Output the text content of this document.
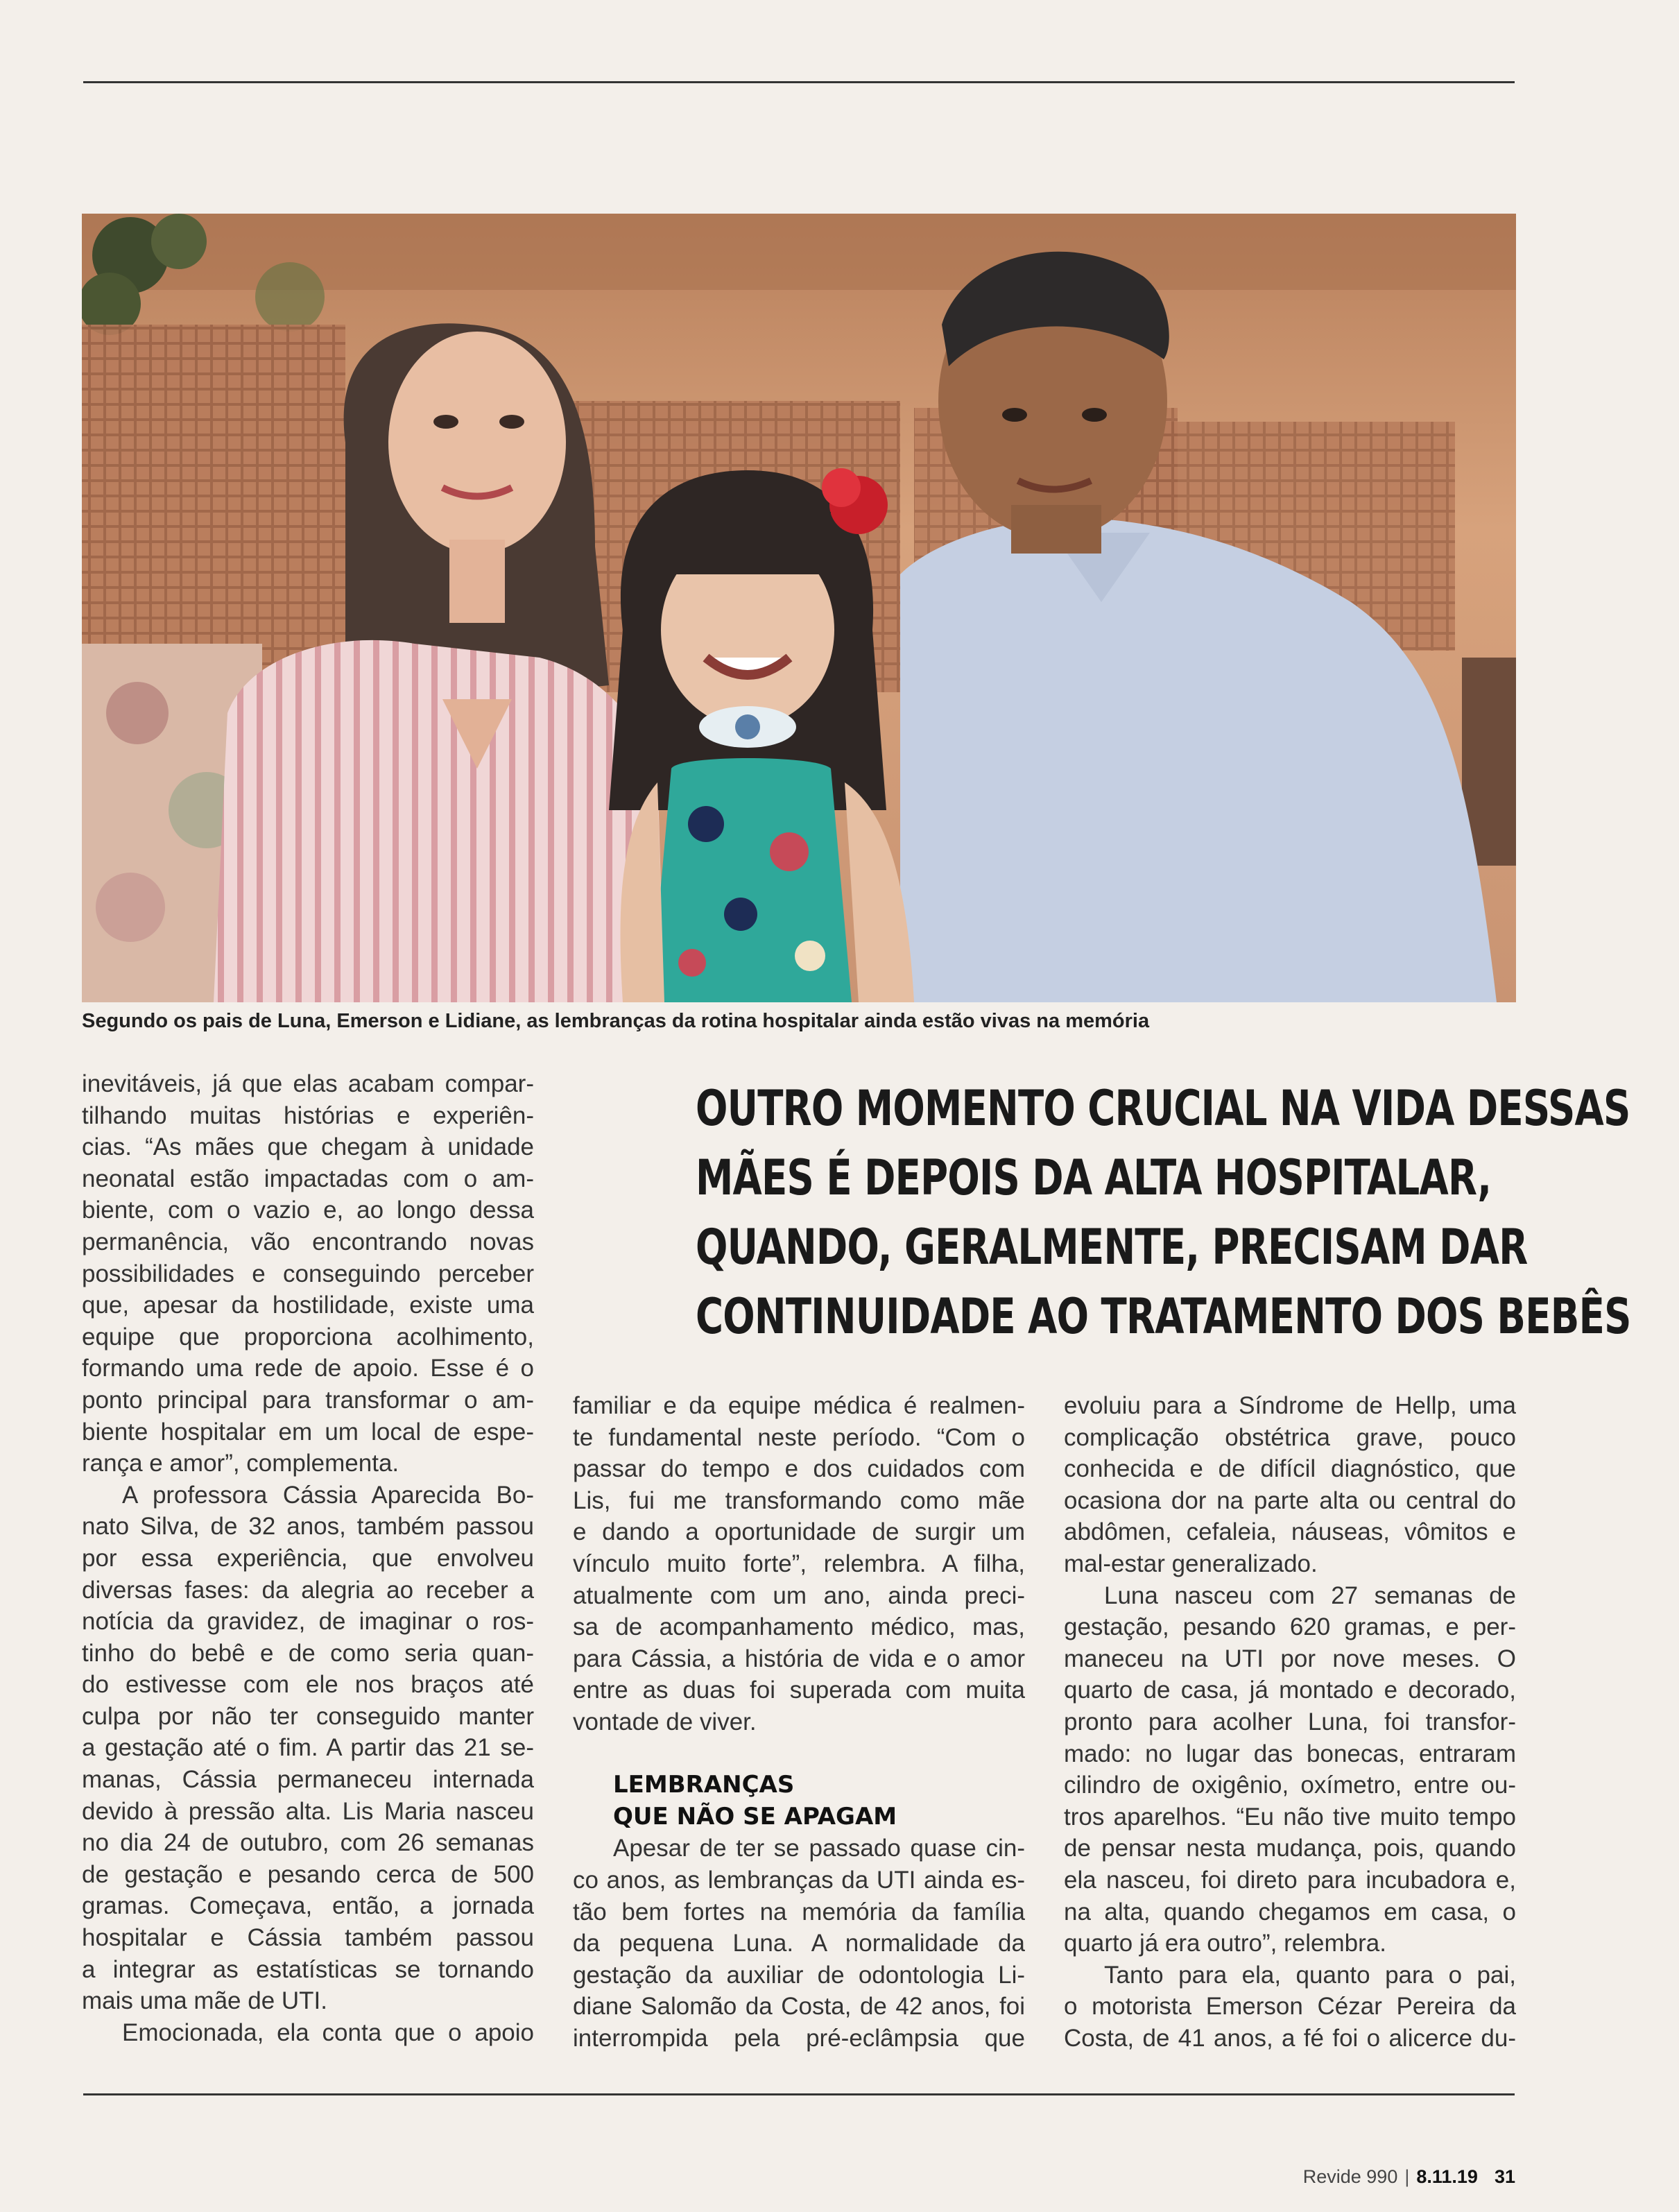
Segundo os pais de Luna, Emerson e Lidiane, as lembranças da rotina hospitalar ainda estão vivas na memória
inevitáveis, já que elas acabam compar-
tilhando muitas histórias e experiên-
cias. “As mães que chegam à unidade
neonatal estão impactadas com o am-
biente, com o vazio e, ao longo dessa
permanência, vão encontrando novas
possibilidades e conseguindo perceber
que, apesar da hostilidade, existe uma
equipe que proporciona acolhimento,
formando uma rede de apoio. Esse é o
ponto principal para transformar o am-
biente hospitalar em um local de espe-
rança e amor”, complementa.
A professora Cássia Aparecida Bo-
nato Silva, de 32 anos, também passou
por essa experiência, que envolveu
diversas fases: da alegria ao receber a
notícia da gravidez, de imaginar o ros-
tinho do bebê e de como seria quan-
do estivesse com ele nos braços até
culpa por não ter conseguido manter
a gestação até o fim. A partir das 21 se-
manas, Cássia permaneceu internada
devido à pressão alta. Lis Maria nasceu
no dia 24 de outubro, com 26 semanas
de gestação e pesando cerca de 500
gramas. Começava, então, a jornada
hospitalar e Cássia também passou
a integrar as estatísticas se tornando
mais uma mãe de UTI.
Emocionada, ela conta que o apoio
OUTRO MOMENTO CRUCIAL NA VIDA DESSAS
MÃES É DEPOIS DA ALTA HOSPITALAR,
QUANDO, GERALMENTE, PRECISAM DAR
CONTINUIDADE AO TRATAMENTO DOS BEBÊS
familiar e da equipe médica é realmen-
te fundamental neste período. “Com o
passar do tempo e dos cuidados com
Lis, fui me transformando como mãe
e dando a oportunidade de surgir um
vínculo muito forte”, relembra. A filha,
atualmente com um ano, ainda preci-
sa de acompanhamento médico, mas,
para Cássia, a história de vida e o amor
entre as duas foi superada com muita
vontade de viver.
LEMBRANÇAS
QUE NÃO SE APAGAM
Apesar de ter se passado quase cin-
co anos, as lembranças da UTI ainda es-
tão bem fortes na memória da família
da pequena Luna. A normalidade da
gestação da auxiliar de odontologia Li-
diane Salomão da Costa, de 42 anos, foi
interrompida pela pré-eclâmpsia que
evoluiu para a Síndrome de Hellp, uma
complicação obstétrica grave, pouco
conhecida e de difícil diagnóstico, que
ocasiona dor na parte alta ou central do
abdômen, cefaleia, náuseas, vômitos e
mal-estar generalizado.
Luna nasceu com 27 semanas de
gestação, pesando 620 gramas, e per-
maneceu na UTI por nove meses. O
quarto de casa, já montado e decorado,
pronto para acolher Luna, foi transfor-
mado: no lugar das bonecas, entraram
cilindro de oxigênio, oxímetro, entre ou-
tros aparelhos. “Eu não tive muito tempo
de pensar nesta mudança, pois, quando
ela nasceu, foi direto para incubadora e,
na alta, quando chegamos em casa, o
quarto já era outro”, relembra.
Tanto para ela, quanto para o pai,
o motorista Emerson Cézar Pereira da
Costa, de 41 anos, a fé foi o alicerce du-
Revide 990 | 8.11.19 31
